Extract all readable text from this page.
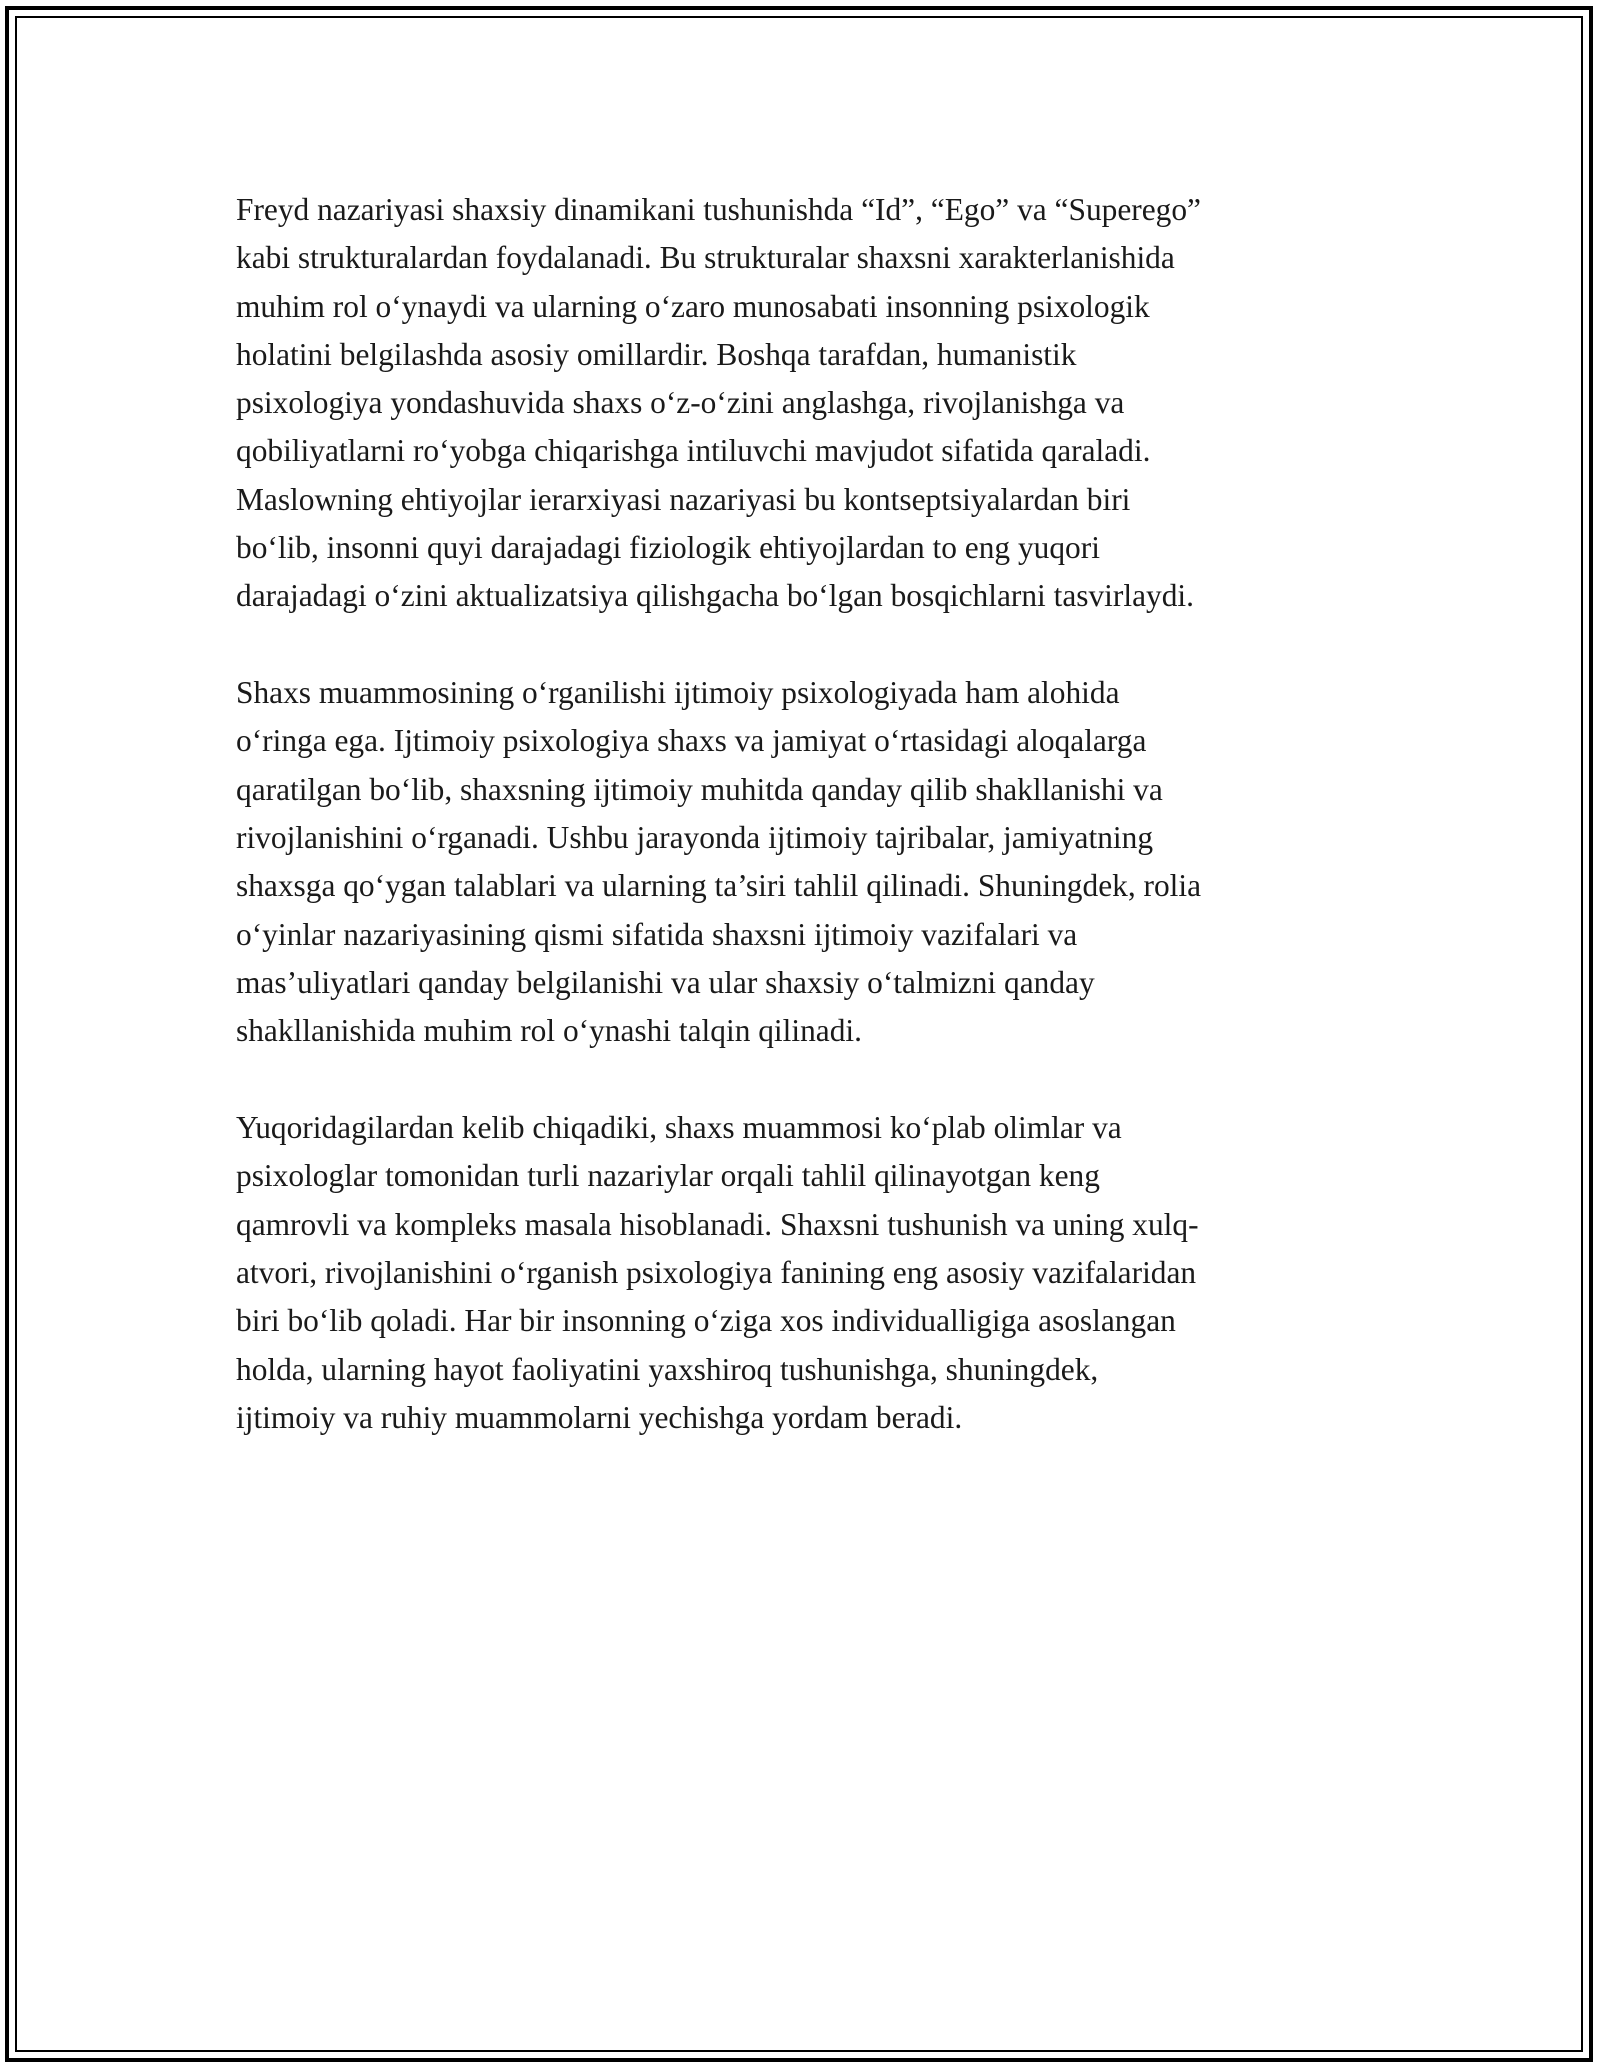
Freyd nazariyasi shaxsiy dinamikani tushunishda “Id”, “Ego” va “Superego”
kabi strukturalardan foydalanadi. Bu strukturalar shaxsni xarakterlanishida
muhim rol oʻynaydi va ularning oʻzaro munosabati insonning psixologik
holatini belgilashda asosiy omillardir. Boshqa tarafdan, humanistik
psixologiya yondashuvida shaxs oʻz-oʻzini anglashga, rivojlanishga va
qobiliyatlarni roʻyobga chiqarishga intiluvchi mavjudot sifatida qaraladi.
Maslowning ehtiyojlar ierarxiyasi nazariyasi bu kontseptsiyalardan biri
boʻlib, insonni quyi darajadagi fiziologik ehtiyojlardan to eng yuqori
darajadagi oʻzini aktualizatsiya qilishgacha boʻlgan bosqichlarni tasvirlaydi.
Shaxs muammosining oʻrganilishi ijtimoiy psixologiyada ham alohida
oʻringa ega. Ijtimoiy psixologiya shaxs va jamiyat oʻrtasidagi aloqalarga
qaratilgan boʻlib, shaxsning ijtimoiy muhitda qanday qilib shakllanishi va
rivojlanishini oʻrganadi. Ushbu jarayonda ijtimoiy tajribalar, jamiyatning
shaxsga qoʻygan talablari va ularning ta’siri tahlil qilinadi. Shuningdek, rolia
oʻyinlar nazariyasining qismi sifatida shaxsni ijtimoiy vazifalari va
mas’uliyatlari qanday belgilanishi va ular shaxsiy oʻtalmizni qanday
shakllanishida muhim rol oʻynashi talqin qilinadi.
Yuqoridagilardan kelib chiqadiki, shaxs muammosi koʻplab olimlar va
psixologlar tomonidan turli nazariylar orqali tahlil qilinayotgan keng
qamrovli va kompleks masala hisoblanadi. Shaxsni tushunish va uning xulq-
atvori, rivojlanishini oʻrganish psixologiya fanining eng asosiy vazifalaridan
biri boʻlib qoladi. Har bir insonning oʻziga xos individualligiga asoslangan
holda, ularning hayot faoliyatini yaxshiroq tushunishga, shuningdek,
ijtimoiy va ruhiy muammolarni yechishga yordam beradi.
